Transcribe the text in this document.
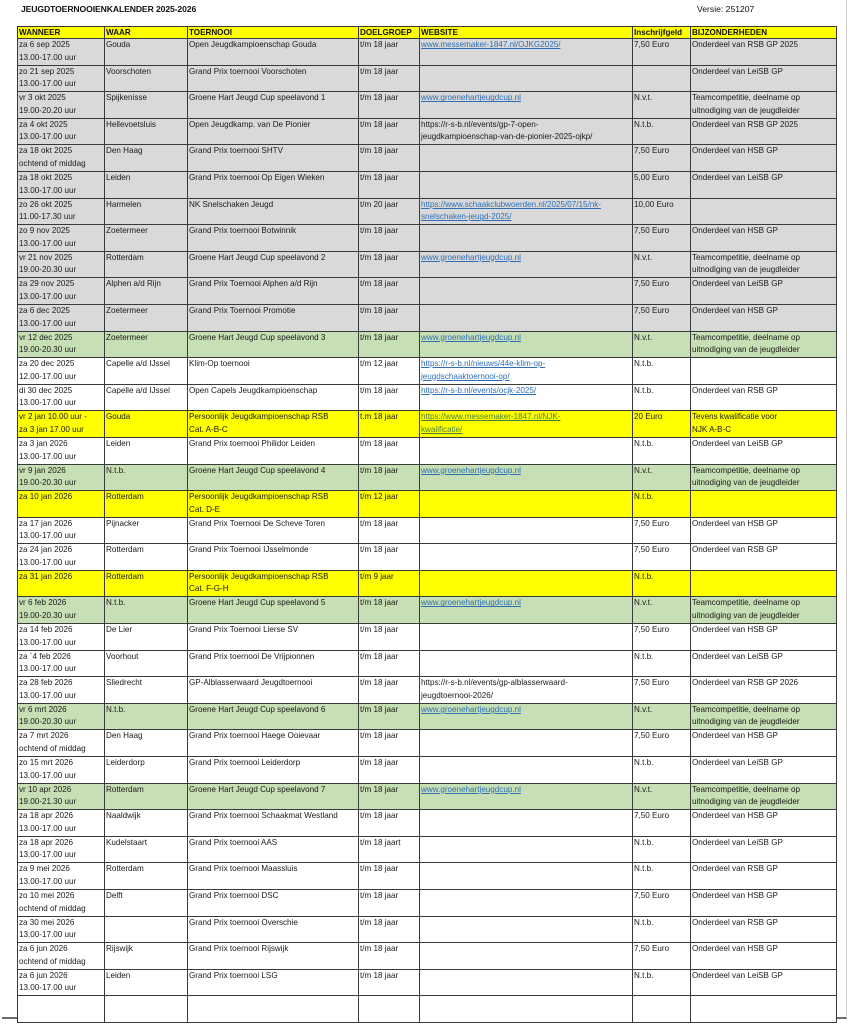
JEUGDTOERNOOIENKALENDER 2025-2026	Versie: 251207
WANNEER	WAAR	TOERNOOI	DOELGROEP	WEBSITE	Inschrijfgeld	BIJZONDERHEDEN

za 6 sep 2025
13.00-17.00 uur	Gouda	Open Jeugdkampioenschap Gouda	t/m 18 jaar	www.messemaker-1847.nl/OJKG2025/	7,50 Euro	Onderdeel van RSB GP 2025

zo 21 sep 2025
13.00-17.00 uur	Voorschoten	Grand Prix toernooi Voorschoten	t/m 18 jaar			Onderdeel van LeiSB GP

vr 3 okt 2025
19.00-20.20 uur	Spijkenisse	Groene Hart Jeugd Cup speelavond 1	t/m 18 jaar	www.groenehartjeugdcup.nl	N.v.t.	Teamcompetitie, deelname op
uitnodiging van de jeugdleider

za 4 okt 2025
13.00-17.00 uur	Hellevoetsluis	Open Jeugdkamp. van De Pionier	t/m 18 jaar	https://r-s-b.nl/events/gp-7-open-
jeugdkampioenschap-van-de-pionier-2025-ojkp/	N.t.b.	Onderdeel van RSB GP 2025

za 18 okt 2025
ochtend of middag	Den Haag	Grand Prix toernooi SHTV	t/m 18 jaar		7,50 Euro	Onderdeel van HSB GP

za 18 okt 2025
13.00-17.00 uur	Leiden	Grand Prix toernooi Op Eigen Wieken	t/m 18 jaar		5,00 Euro	Onderdeel van LeiSB GP

zo 26 okt 2025
11.00-17.30 uur	Harmelen	NK Snelschaken Jeugd	t/m 20 jaar	https://www.schaakclubwoerden.nl/2025/07/15/nk-
snelschaken-jeugd-2025/	10,00 Euro	

zo 9 nov 2025
13.00-17.00 uur	Zoetermeer	Grand Prix toernooi Botwinnik	t/m 18 jaar		7,50 Euro	Onderdeel van HSB GP

vr 21 nov 2025
19.00-20.30 uur	Rotterdam	Groene Hart Jeugd Cup speelavond 2	t/m 18 jaar	www.groenehartjeugdcup.nl	N.v.t.	Teamcompetitie, deelname op
uitnodiging van de jeugdleider

za 29 nov 2025
13.00-17.00 uur	Alphen a/d Rijn	Grand Prix Toernooi Alphen a/d Rijn	t/m 18 jaar		7,50 Euro	Onderdeel van LeiSB GP

za 6 dec 2025
13.00-17.00 uur	Zoetermeer	Grand Prix Toernooi Promotie	t/m 18 jaar		7,50 Euro	Onderdeel van HSB GP

vr 12 dec 2025
19.00-20.30 uur	Zoetermeer	Groene Hart Jeugd Cup speelavond 3	t/m 18 jaar	www.groenehartjeugdcup.nl	N.v.t.	Teamcompetitie, deelname op
uitnodiging van de jeugdleider

za 20 dec 2025
12.00-17.00 uur	Capelle a/d IJssel	Klim-Op toernooi	t/m 12 jaar	https://r-s-b.nl/nieuws/44e-klim-op-
jeugdschaaktoernooi-op/	N.t.b.	

di 30 dec 2025
13.00-17.00 uur	Capelle a/d IJssel	Open Capels Jeugdkampioenschap	t/m 18 jaar	https://r-s-b.nl/events/ocjk-2025/	N.t.b.	Onderdeel van RSB GP

vr 2 jan 10.00 uur -
za 3 jan 17.00 uur	Gouda	Persoonlijk Jeugdkampioenschap RSB
Cat. A-B-C	t.m 18 jaar	https://www.messemaker-1847.nl/NJK-
kwalificatie/	20 Euro	Tevens kwalificatie voor
NJK A-B-C

za 3 jan 2026
13.00-17.00 uur	Leiden	Grand Prix toernooi Philidor Leiden	t/m 18 jaar		N.t.b.	Onderdeel van LeiSB GP

vr 9 jan 2026
19.00-20.30 uur	N.t.b.	Groene Hart Jeugd Cup speelavond 4	t/m 18 jaar	www.groenehartjeugdcup.nl	N.v.t.	Teamcompetitie, deelname op
uitnodiging van de jeugdleider

za 10 jan 2026	Rotterdam	Persoonlijk Jeugdkampioenschap RSB
Cat. D-E	t/m 12 jaar		N.t.b.	

za 17 jan 2026
13.00-17.00 uur	Pijnacker	Grand Prix Toernooi De Scheve Toren	t/m 18 jaar		7,50 Euro	Onderdeel van HSB GP

za 24 jan 2026
13.00-17.00 uur	Rotterdam	Grand Prix Toernooi IJsselmonde	t/m 18 jaar		7,50 Euro	Onderdeel van RSB GP

za 31 jan 2026	Rotterdam	Persoonlijk Jeugdkampioenschap RSB
Cat. F-G-H	t/m 9 jaar		N.t.b.	

vr 6 feb 2026
19.00-20.30 uur	N.t.b.	Groene Hart Jeugd Cup speelavond 5	t/m 18 jaar	www.groenehartjeugdcup.nl	N.v.t.	Teamcompetitie, deelname op
uitnodiging van de jeugdleider

za 14 feb 2026
13.00-17.00 uur	De Lier	Grand Prix Toernooi Lierse SV	t/m 18 jaar		7,50 Euro	Onderdeel van HSB GP

za `4 feb 2026
13.00-17.00 uur	Voorhout	Grand Prix toernooi De Vrijpionnen	t/m 18 jaar		N.t.b.	Onderdeel van LeiSB GP

za 28 feb 2026
13.00-17.00 uur	Sliedrecht	GP-Alblasserwaard Jeugdtoernooi	t/m 18 jaar	https://r-s-b.nl/events/gp-alblasserwaard-
jeugdtoernooi-2026/	7,50 Euro	Onderdeel van RSB GP 2026

vr 6 mrt 2026
19.00-20.30 uur	N.t.b.	Groene Hart Jeugd Cup speelavond 6	t/m 18 jaar	www.groenehartjeugdcup.nl	N.v.t.	Teamcompetitie, deelname op
uitnodiging van de jeugdleider

za 7 mrt 2026
ochtend of middag	Den Haag	Grand Prix toernooi Haege Ooievaar	t/m 18 jaar		7,50 Euro	Onderdeel van HSB GP

zo 15 mrt 2026
13.00-17.00 uur	Leiderdorp	Grand Prix toernooi Leiderdorp	t/m 18 jaar		N.t.b.	Onderdeel van LeiSB GP

vr 10 apr 2026
19.00-21.30 uur	Rotterdam	Groene Hart Jeugd Cup speelavond 7	t/m 18 jaar	www.groenehartjeugdcup.nl	N.v.t.	Teamcompetitie, deelname op
uitnodiging van de jeugdleider

za 18 apr 2026
13.00-17.00 uur	Naaldwijk	Grand Prix toernooi Schaakmat Westland	t/m 18 jaar		7,50 Euro	Onderdeel van HSB GP

za 18 apr 2026
13.00-17.00 uur	Kudelstaart	Grand Prix toernooi AAS	t/m 18 jaart		N.t.b.	Onderdeel van LeiSB GP

za 9 mei 2026
13.00-17.00 uur	Rotterdam	Grand Prix toernooi Maassluis	t/m 18 jaar		N.t.b.	Onderdeel van RSB GP

zo 10 mei 2026
ochtend of middag	Delft	Grand Prix toernooi DSC	t/m 18 jaar		7,50 Euro	Onderdeel van HSB GP

za 30 mei 2026
13.00-17.00 uur		Grand Prix toernooi Overschie	t/m 18 jaar		N.t.b.	Onderdeel van RSB GP

za 6 jun 2026
ochtend of middag	Rijswijk	Grand Prix toernooi Rijswijk	t/m 18 jaar		7,50 Euro	Onderdeel van HSB GP

za 6 jun 2026
13.00-17.00 uur	Leiden	Grand Prix toernooi LSG	t/m 18 jaar		N.t.b.	Onderdeel van LeiSB GP
